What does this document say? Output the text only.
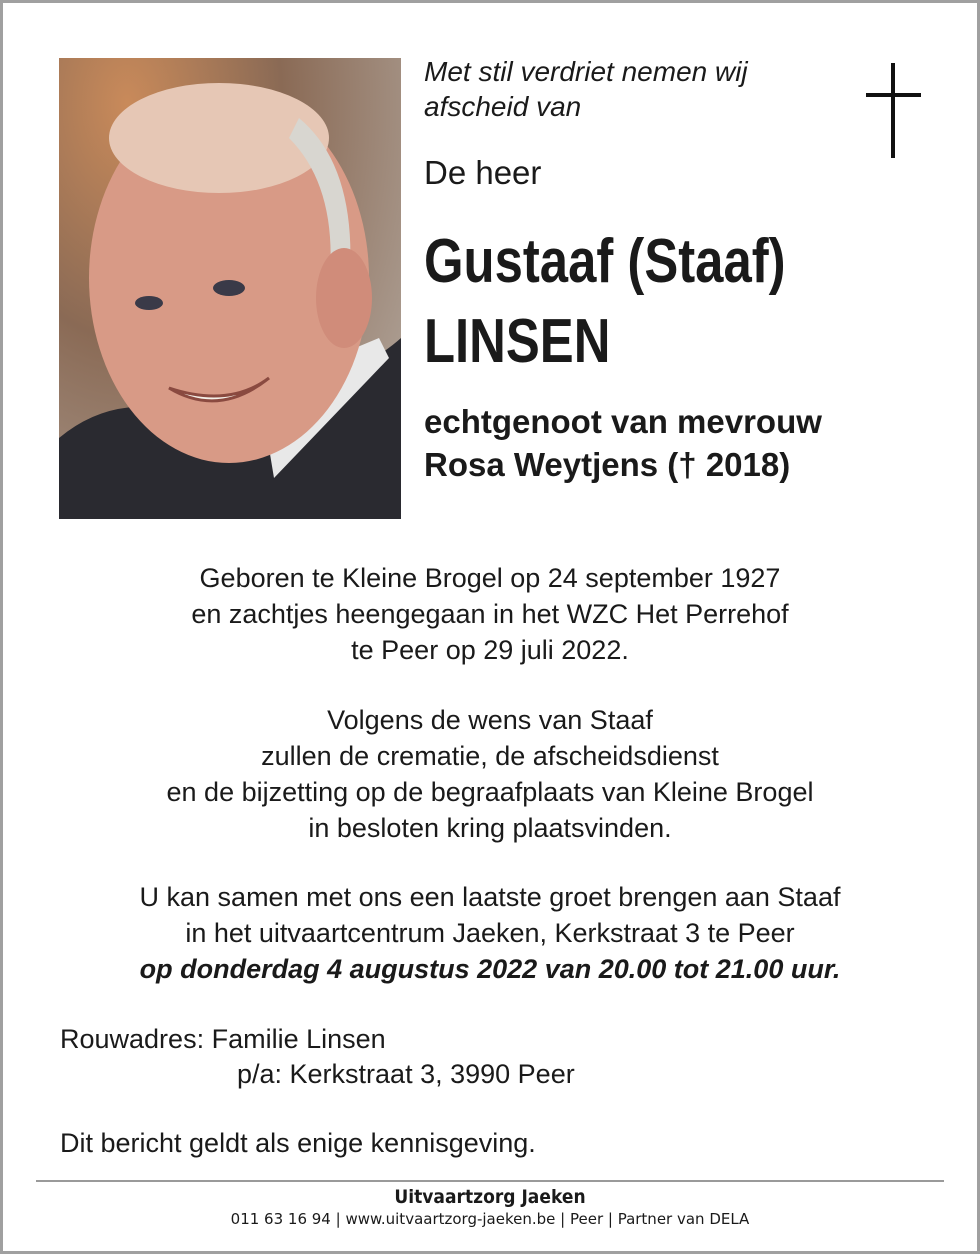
Met stil verdriet nemen wij
afscheid van
De heer
Gustaaf (Staaf)
LINSEN
echtgenoot van mevrouw
Rosa Weytjens († 2018)
Geboren te Kleine Brogel op 24 september 1927
en zachtjes heengegaan in het WZC Het Perrehof
te Peer op 29 juli 2022.
Volgens de wens van Staaf
zullen de crematie, de afscheidsdienst
en de bijzetting op de begraafplaats van Kleine Brogel
in besloten kring plaatsvinden.
U kan samen met ons een laatste groet brengen aan Staaf
in het uitvaartcentrum Jaeken, Kerkstraat 3 te Peer
op donderdag 4 augustus 2022 van 20.00 tot 21.00 uur.
Rouwadres: Familie Linsen
p/a: Kerkstraat 3, 3990 Peer
Dit bericht geldt als enige kennisgeving.
Uitvaartzorg Jaeken
011 63 16 94 | www.uitvaartzorg-jaeken.be | Peer | Partner van DELA
